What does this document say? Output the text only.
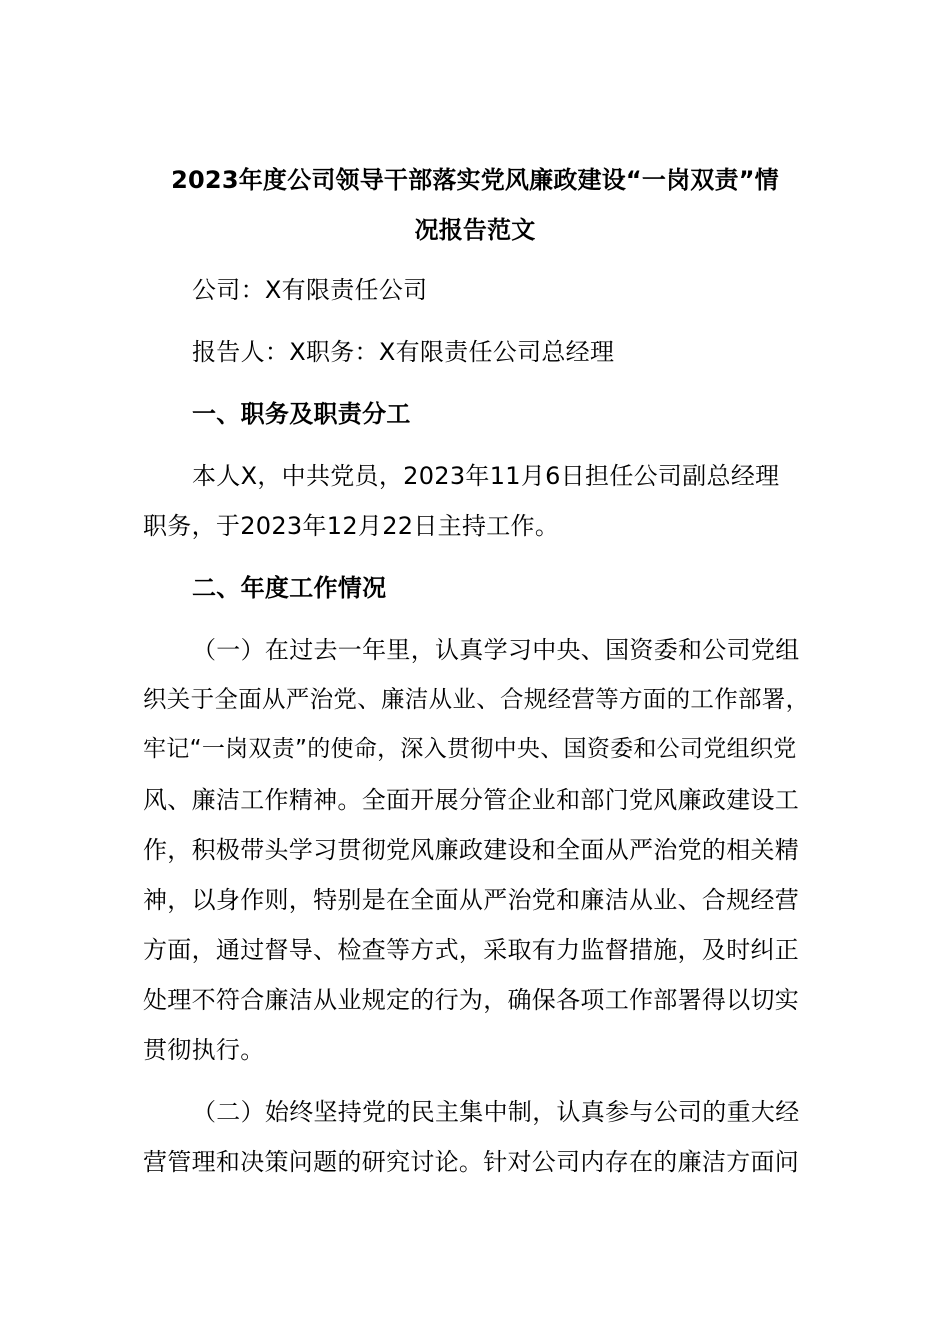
2023年度公司领导干部落实党风廉政建设“一岗双责”情
况报告范文
公司：X有限责任公司
报告人：X职务：X有限责任公司总经理
一、职务及职责分工
本人X，中共党员，2023年11月6日担任公司副总经理
职务，于2023年12月22日主持工作。
二、年度工作情况
（一）在过去一年里，认真学习中央、国资委和公司党组
织关于全面从严治党、廉洁从业、合规经营等方面的工作部署，
牢记“一岗双责”的使命，深入贯彻中央、国资委和公司党组织党
风、廉洁工作精神。全面开展分管企业和部门党风廉政建设工
作，积极带头学习贯彻党风廉政建设和全面从严治党的相关精
神，以身作则，特别是在全面从严治党和廉洁从业、合规经营
方面，通过督导、检查等方式，采取有力监督措施，及时纠正
处理不符合廉洁从业规定的行为，确保各项工作部署得以切实
贯彻执行。
（二）始终坚持党的民主集中制，认真参与公司的重大经
营管理和决策问题的研究讨论。针对公司内存在的廉洁方面问
